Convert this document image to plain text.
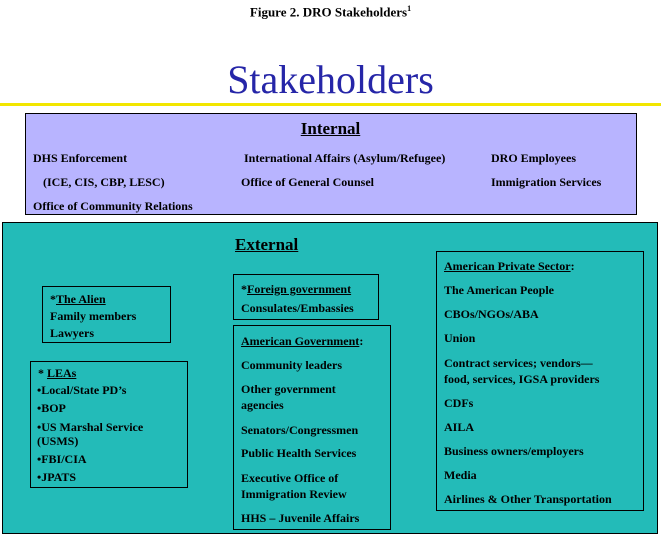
Figure 2. DRO Stakeholders$^1$
Stakeholders
Internal
DHS Enforcement
(ICE, CIS, CBP, LESC)
Office of Community Relations
International Affairs (Asylum/Refugee)
Office of General Counsel
DRO Employees
Immigration Services
External
*The Alien
Family members
Lawyers
* LEAs
•Local/State PD’s
•BOP
•US Marshal Service
(USMS)
•FBI/CIA
•JPATS
*Foreign government
Consulates/Embassies
American Government:
Community leaders
Other government
agencies
Senators/Congressmen
Public Health Services
Executive Office of
Immigration Review
HHS – Juvenile Affairs
American Private Sector:
The American People
CBOs/NGOs/ABA
Union
Contract services; vendors—
food, services, IGSA providers
CDFs
AILA
Business owners/employers
Media
Airlines & Other Transportation
